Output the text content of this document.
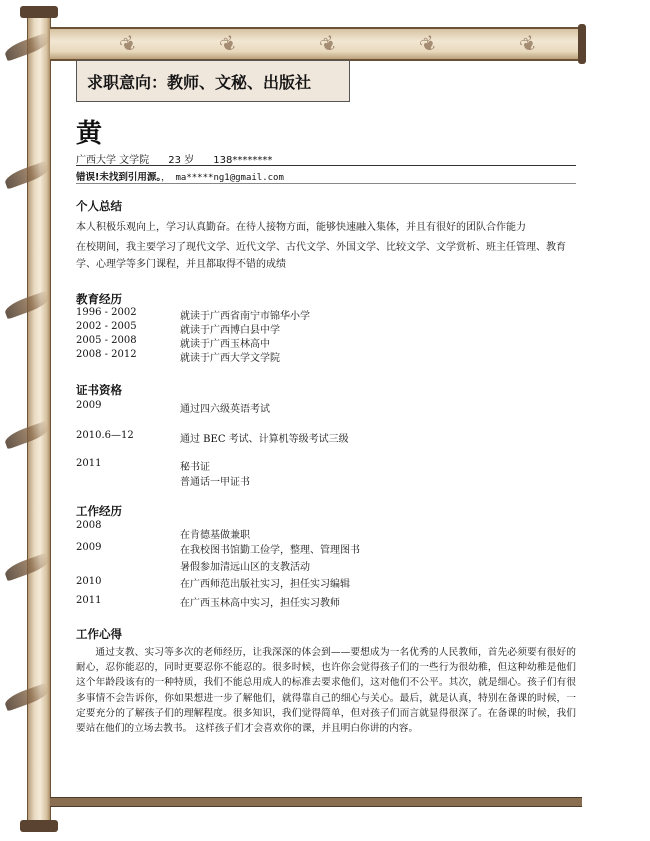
❦	❦	❦	❦	❦
求职意向：教师、文秘、出版社
黄
广西大学 文学院      23 岁      138********
错误!未找到引用源。， ma*****ng1@gmail.com
个人总结
本人积极乐观向上，学习认真勤奋。在待人接物方面，能够快速融入集体，并且有很好的团队合作能力
在校期间，我主要学习了现代文学、近代文学、古代文学、外国文学、比较文学、文学赏析、班主任管理、教育学、心理学等多门课程，并且都取得不错的成绩
教育经历
1996 - 2002	就读于广西省南宁市锦华小学
2002 - 2005	就读于广西博白县中学
2005 - 2008	就读于广西玉林高中
2008 - 2012	就读于广西大学文学院
证书资格
2009	通过四六级英语考试
2010.6—12	通过 BEC 考试、计算机等级考试三级
2011	秘书证
普通话一甲证书
工作经历
2008
在肯德基做兼职
2009	在我校图书馆勤工俭学，整理、管理图书
暑假参加清远山区的支教活动
2010	在广西师范出版社实习，担任实习编辑
2011	在广西玉林高中实习，担任实习教师
工作心得
通过支教、实习等多次的老师经历，让我深深的体会到——要想成为一名优秀的人民教师，首先必须要有很好的耐心，忍你能忍的，同时更要忍你不能忍的。很多时候，也许你会觉得孩子们的一些行为很幼稚，但这种幼稚是他们这个年龄段该有的一种特质，我们不能总用成人的标准去要求他们，这对他们不公平。其次，就是细心。孩子们有很多事情不会告诉你，你如果想进一步了解他们，就得靠自己的细心与关心。最后，就是认真，特别在备课的时候，一定要充分的了解孩子们的理解程度。很多知识，我们觉得简单，但对孩子们而言就显得很深了。在备课的时候，我们要站在他们的立场去教书。 这样孩子们才会喜欢你的课，并且明白你讲的内容。
